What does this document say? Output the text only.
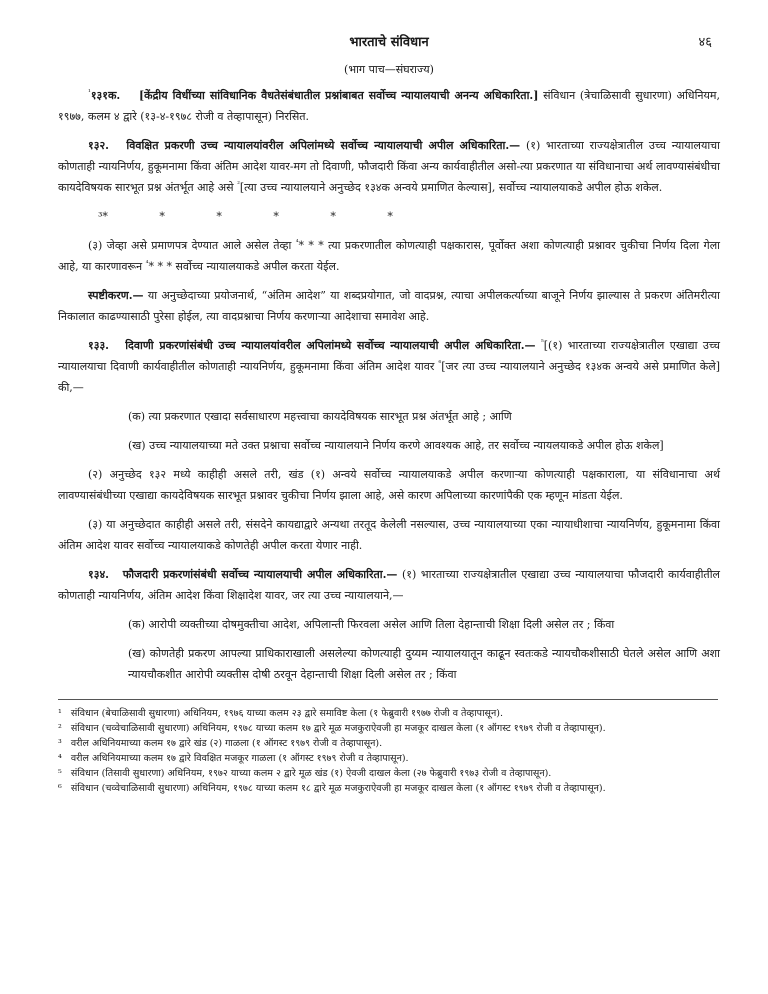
भारताचे संविधान	४६
(भाग पाच—संघराज्य)

$^{^1}$१३१क. [केंद्रीय विधींच्या सांविधानिक वैधतेसंबंधातील प्रश्नांबाबत सर्वोच्च न्यायालयाची अनन्य अधिकारिता.] संविधान (त्रेचाळिसावी सुधारणा) अधिनियम, १९७७, कलम ४ द्वारे (१३-४-१९७८ रोजी व तेव्हापासून) निरसित.

१३२. विवक्षित प्रकरणी उच्च न्यायालयांवरील अपिलांमध्ये सर्वोच्च न्यायालयाची अपील अधिकारिता.— (१) भारताच्या राज्यक्षेत्रातील उच्च न्यायालयाचा कोणताही न्यायनिर्णय, हुकूमनामा किंवा अंतिम आदेश यावर-मग तो दिवाणी, फौजदारी किंवा अन्य कार्यवाहीतील असो-त्या प्रकरणात या संविधानाचा अर्थ लावण्यासंबंधीचा कायदेविषयक सारभूत प्रश्न अंतर्भूत आहे असे $^{^2}$[त्या उच्च न्यायालयाने अनुच्छेद १३४क अन्वये प्रमाणित केल्यास], सर्वोच्च न्यायालयाकडे अपील होऊ शकेल.

³* * * * * *

(३) जेव्हा असे प्रमाणपत्र देण्यात आले असेल तेव्हा $^{^4}$* * * त्या प्रकरणातील कोणत्याही पक्षकारास, पूर्वोक्त अशा कोणत्याही प्रश्नावर चुकीचा निर्णय दिला गेला आहे, या कारणावरून $^{^4}$* * * सर्वोच्च न्यायालयाकडे अपील करता येईल.

स्पष्टीकरण.— या अनुच्छेदाच्या प्रयोजनार्थ, “अंतिम आदेश” या शब्दप्रयोगात, जो वादप्रश्न, त्याचा अपीलकर्त्याच्या बाजूने निर्णय झाल्यास ते प्रकरण अंतिमरीत्या निकालात काढण्यासाठी पुरेसा होईल, त्या वादप्रश्नाचा निर्णय करणाऱ्या आदेशाचा समावेश आहे.

१३३. दिवाणी प्रकरणांसंबंधी उच्च न्यायालयांवरील अपिलांमध्ये सर्वोच्च न्यायालयाची अपील अधिकारिता.— $^{^5}$[(१) भारताच्या राज्यक्षेत्रातील एखाद्या उच्च न्यायालयाचा दिवाणी कार्यवाहीतील कोणताही न्यायनिर्णय, हुकूमनामा किंवा अंतिम आदेश यावर $^{^6}$[जर त्या उच्च न्यायालयाने अनुच्छेद १३४क अन्वये असे प्रमाणित केले] की,—

(क) त्या प्रकरणात एखादा सर्वसाधारण महत्त्वाचा कायदेविषयक सारभूत प्रश्न अंतर्भूत आहे ; आणि

(ख) उच्च न्यायालयाच्या मते उक्त प्रश्नाचा सर्वोच्च न्यायालयाने निर्णय करणे आवश्यक आहे, तर सर्वोच्च न्यायलयाकडे अपील होऊ शकेल]

(२) अनुच्छेद १३२ मध्ये काहीही असले तरी, खंड (१) अन्वये सर्वोच्च न्यायालयाकडे अपील करणाऱ्या कोणत्याही पक्षकाराला, या संविधानाचा अर्थ लावण्यासंबंधीच्या एखाद्या कायदेविषयक सारभूत प्रश्नावर चुकीचा निर्णय झाला आहे, असे कारण अपिलाच्या कारणांपैकी एक म्हणून मांडता येईल.

(३) या अनुच्छेदात काहीही असले तरी, संसदेने कायद्याद्वारे अन्यथा तरतूद केलेली नसल्यास, उच्च न्यायालयाच्या एका न्यायाधीशाचा न्यायनिर्णय, हुकूमनामा किंवा अंतिम आदेश यावर सर्वोच्च न्यायालयाकडे कोणतेही अपील करता येणार नाही.

१३४. फौजदारी प्रकरणांसंबंधी सर्वोच्च न्यायालयाची अपील अधिकारिता.— (१) भारताच्या राज्यक्षेत्रातील एखाद्या उच्च न्यायालयाचा फौजदारी कार्यवाहीतील कोणताही न्यायनिर्णय, अंतिम आदेश किंवा शिक्षादेश यावर, जर त्या उच्च न्यायालयाने,—

(क) आरोपी व्यक्तीच्या दोषमुक्तीचा आदेश, अपिलान्ती फिरवला असेल आणि तिला देहान्ताची शिक्षा दिली असेल तर ; किंवा

(ख) कोणतेही प्रकरण आपल्या प्राधिकाराखाली असलेल्या कोणत्याही दुय्यम न्यायालयातून काढून स्वतःकडे न्यायचौकशीसाठी घेतले असेल आणि अशा न्यायचौकशीत आरोपी व्यक्तीस दोषी ठरवून देहान्ताची शिक्षा दिली असेल तर ; किंवा

¹ संविधान (बेचाळिसावी सुधारणा) अधिनियम, १९७६ याच्या कलम २३ द्वारे समाविष्ट केला (१ फेब्रुवारी १९७७ रोजी व तेव्हापासून).

² संविधान (चव्वेचाळिसावी सुधारणा) अधिनियम, १९७८ याच्या कलम १७ द्वारे मूळ मजकुराऐवजी हा मजकूर दाखल केला (१ ऑगस्ट १९७९ रोजी व तेव्हापासून).

³ वरील अधिनियमाच्या कलम १७ द्वारे खंड (२) गाळला (१ ऑगस्ट १९७९ रोजी व तेव्हापासून).

⁴ वरील अधिनियमाच्या कलम १७ द्वारे विवक्षित मजकूर गाळला (१ ऑगस्ट १९७९ रोजी व तेव्हापासून).

⁵ संविधान (तिसावी सुधारणा) अधिनियम, १९७२ याच्या कलम २ द्वारे मूळ खंड (१) ऐवजी दाखल केला (२७ फेब्रुवारी १९७३ रोजी व तेव्हापासून).

⁶ संविधान (चव्वेचाळिसावी सुधारणा) अधिनियम, १९७८ याच्या कलम १८ द्वारे मूळ मजकुराऐवजी हा मजकूर दाखल केला (१ ऑगस्ट १९७९ रोजी व तेव्हापासून).
